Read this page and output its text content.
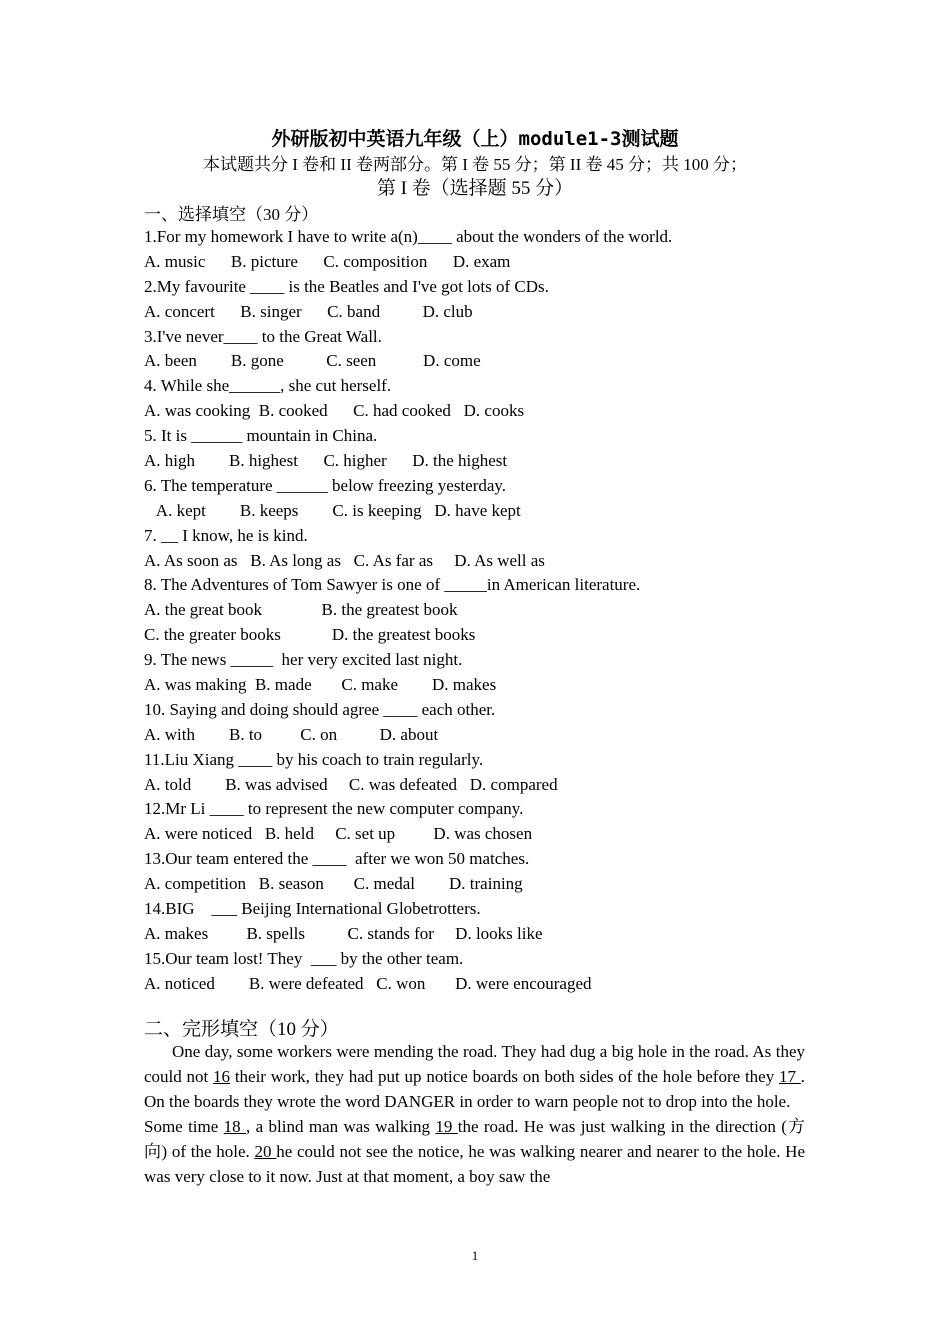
外研版初中英语九年级（上）module1-3测试题
本试题共分 I 卷和 II 卷两部分。第 I 卷 55 分；第 II 卷 45 分；共 100 分；
第 I 卷（选择题 55 分）
一、选择填空（30 分）
1.For my homework I have to write a(n)____ about the wonders of the world.
A. music      B. picture      C. composition      D. exam
2.My favourite ____ is the Beatles and I've got lots of CDs.
A. concert      B. singer      C. band          D. club
3.I've never____ to the Great Wall.
A. been        B. gone          C. seen           D. come
4. While she______, she cut herself.
A. was cooking  B. cooked      C. had cooked   D. cooks
5. It is ______ mountain in China.
A. high        B. highest      C. higher      D. the highest
6. The temperature ______ below freezing yesterday.
A. kept        B. keeps        C. is keeping   D. have kept
7. __ I know, he is kind.
A. As soon as   B. As long as   C. As far as     D. As well as
8. The Adventures of Tom Sawyer is one of _____in American literature.
A. the great book              B. the greatest book
C. the greater books            D. the greatest books
9. The news _____  her very excited last night.
A. was making  B. made       C. make        D. makes
10. Saying and doing should agree ____ each other.
A. with        B. to         C. on          D. about
11.Liu Xiang ____ by his coach to train regularly.
A. told        B. was advised     C. was defeated   D. compared
12.Mr Li ____ to represent the new computer company.
A. were noticed   B. held     C. set up         D. was chosen
13.Our team entered the ____  after we won 50 matches.
A. competition   B. season       C. medal        D. training
14.BIG    ___ Beijing International Globetrotters.
A. makes         B. spells          C. stands for     D. looks like
15.Our team lost! They  ___ by the other team.
A. noticed        B. were defeated   C. won       D. were encouraged
二、完形填空（10 分）

One day, some workers were mending the road. They had dug a big hole in the road. As they could not 16 their work, they had put up notice boards on both sides of the hole before they 17 . On the boards they wrote the word DANGER in order to warn people not to drop into the hole.

Some time 18 , a blind man was walking 19 the road. He was just walking in the direction (方向) of the hole. 20 he could not see the notice, he was walking nearer and nearer to the hole. He was very close to it now. Just at that moment, a boy saw the

1
